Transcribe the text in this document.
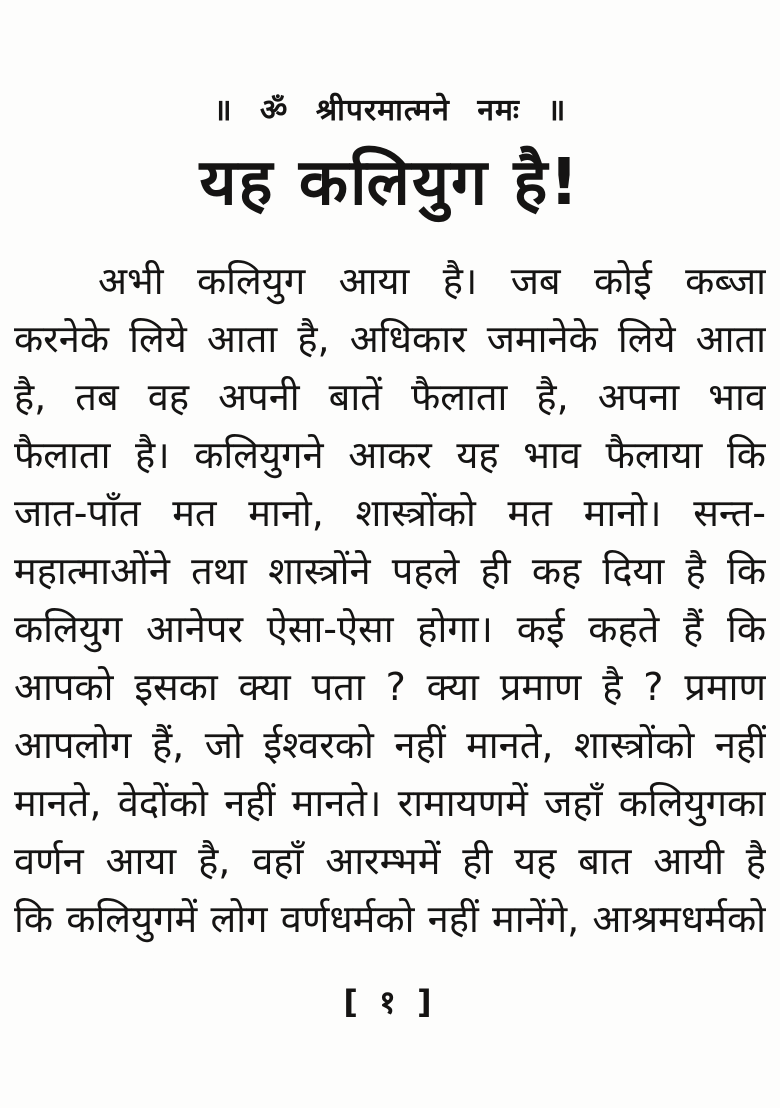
॥ ॐ श्रीपरमात्मने नमः ॥
यह कलियुग है!
अभी कलियुग आया है। जब कोई कब्जा
करनेके लिये आता है, अधिकार जमानेके लिये आता
है, तब वह अपनी बातें फैलाता है, अपना भाव
फैलाता है। कलियुगने आकर यह भाव फैलाया कि
जात-पाँत मत मानो, शास्त्रोंको मत मानो। सन्त-
महात्माओंने तथा शास्त्रोंने पहले ही कह दिया है कि
कलियुग आनेपर ऐसा-ऐसा होगा। कई कहते हैं कि
आपको इसका क्या पता ? क्या प्रमाण है ? प्रमाण
आपलोग हैं, जो ईश्वरको नहीं मानते, शास्त्रोंको नहीं
मानते, वेदोंको नहीं मानते। रामायणमें जहाँ कलियुगका
वर्णन आया है, वहाँ आरम्भमें ही यह बात आयी है
कि कलियुगमें लोग वर्णधर्मको नहीं मानेंगे, आश्रमधर्मको
[ १ ]
